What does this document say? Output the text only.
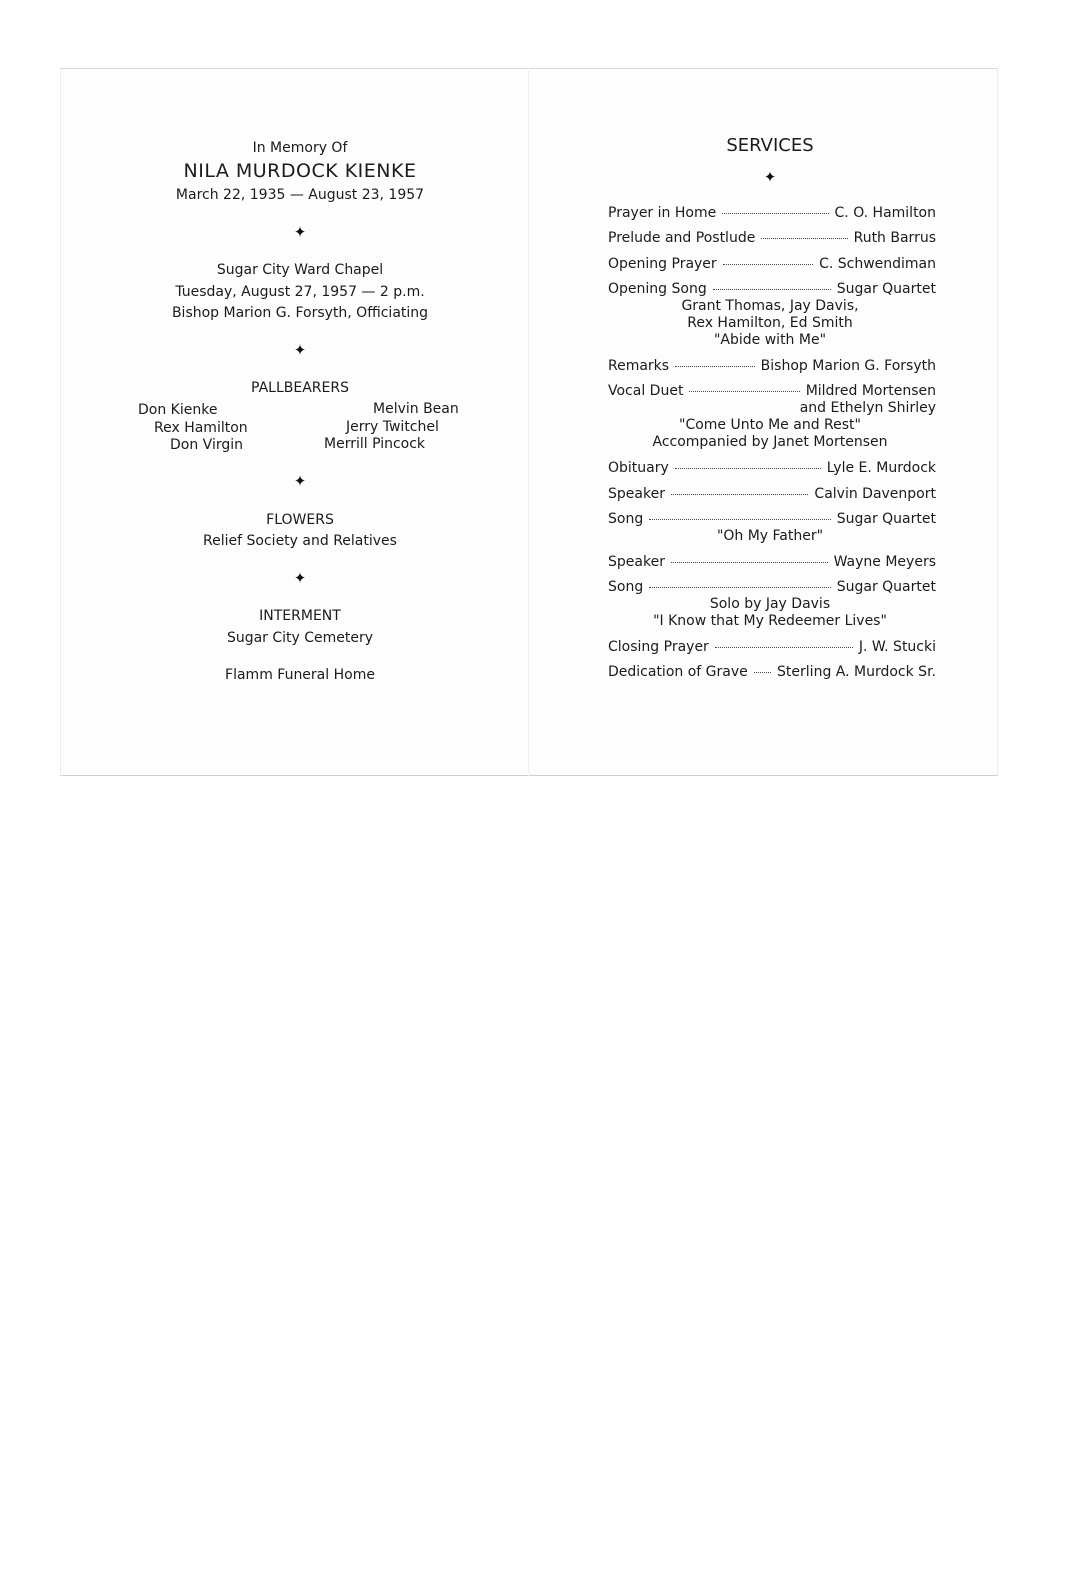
In Memory Of
NILA MURDOCK KIENKE
March 22, 1935 — August 23, 1957
✦
Sugar City Ward Chapel
Tuesday, August 27, 1957 — 2 p.m.
Bishop Marion G. Forsyth, Officiating
✦
PALLBEARERS
Don Kienke
Rex Hamilton
Don Virgin
Melvin Bean
Jerry Twitchel
Merrill Pincock
✦
FLOWERS
Relief Society and Relatives
✦
INTERMENT
Sugar City Cemetery
Flamm Funeral Home
SERVICES
✦
Prayer in Home	C. O. Hamilton
Prelude and Postlude	Ruth Barrus
Opening Prayer	C. Schwendiman
Opening Song	Sugar Quartet
Grant Thomas, Jay Davis,
Rex Hamilton, Ed Smith
"Abide with Me"
Remarks	Bishop Marion G. Forsyth
Vocal Duet	Mildred Mortensen
and Ethelyn Shirley
"Come Unto Me and Rest"
Accompanied by Janet Mortensen
Obituary	Lyle E. Murdock
Speaker	Calvin Davenport
Song	Sugar Quartet
"Oh My Father"
Speaker	Wayne Meyers
Song	Sugar Quartet
Solo by Jay Davis
"I Know that My Redeemer Lives"
Closing Prayer	J. W. Stucki
Dedication of Grave Sterling A. Murdock Sr.
